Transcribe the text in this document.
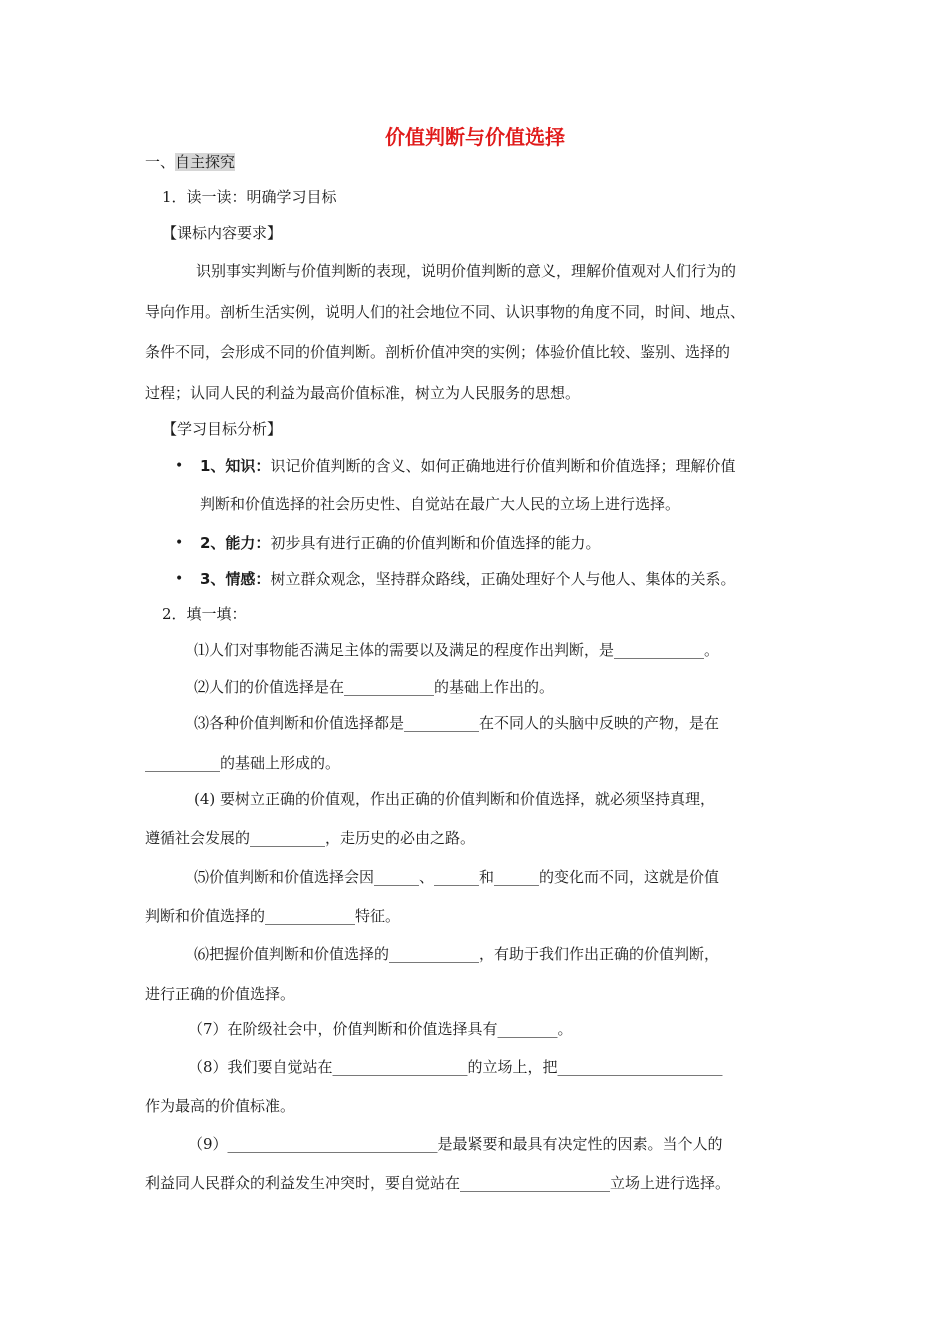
价值判断与价值选择
一、自主探究
1．读一读：明确学习目标
【课标内容要求】
识别事实判断与价值判断的表现，说明价值判断的意义，理解价值观对人们行为的
导向作用。剖析生活实例，说明人们的社会地位不同、认识事物的角度不同，时间、地点、
条件不同，会形成不同的价值判断。剖析价值冲突的实例；体验价值比较、鉴别、选择的
过程；认同人民的利益为最高价值标准，树立为人民服务的思想。
【学习目标分析】
• 1、知识：识记价值判断的含义、如何正确地进行价值判断和价值选择；理解价值
判断和价值选择的社会历史性、自觉站在最广大人民的立场上进行选择。
• 2、能力：初步具有进行正确的价值判断和价值选择的能力。
• 3、情感：树立群众观念，坚持群众路线，正确处理好个人与他人、集体的关系。
2．填一填：
⑴人们对事物能否满足主体的需要以及满足的程度作出判断，是____________。
⑵人们的价值选择是在____________的基础上作出的。
⑶各种价值判断和价值选择都是__________在不同人的头脑中反映的产物，是在
__________的基础上形成的。
(4) 要树立正确的价值观，作出正确的价值判断和价值选择，就必须坚持真理，
遵循社会发展的__________，走历史的必由之路。
⑸价值判断和价值选择会因______、______和______的变化而不同，这就是价值
判断和价值选择的____________特征。
⑹把握价值判断和价值选择的____________，有助于我们作出正确的价值判断，
进行正确的价值选择。
（7）在阶级社会中，价值判断和价值选择具有________。
（8）我们要自觉站在__________________的立场上，把______________________
作为最高的价值标准。
（9）____________________________是最紧要和最具有决定性的因素。当个人的
利益同人民群众的利益发生冲突时，要自觉站在____________________立场上进行选择。
